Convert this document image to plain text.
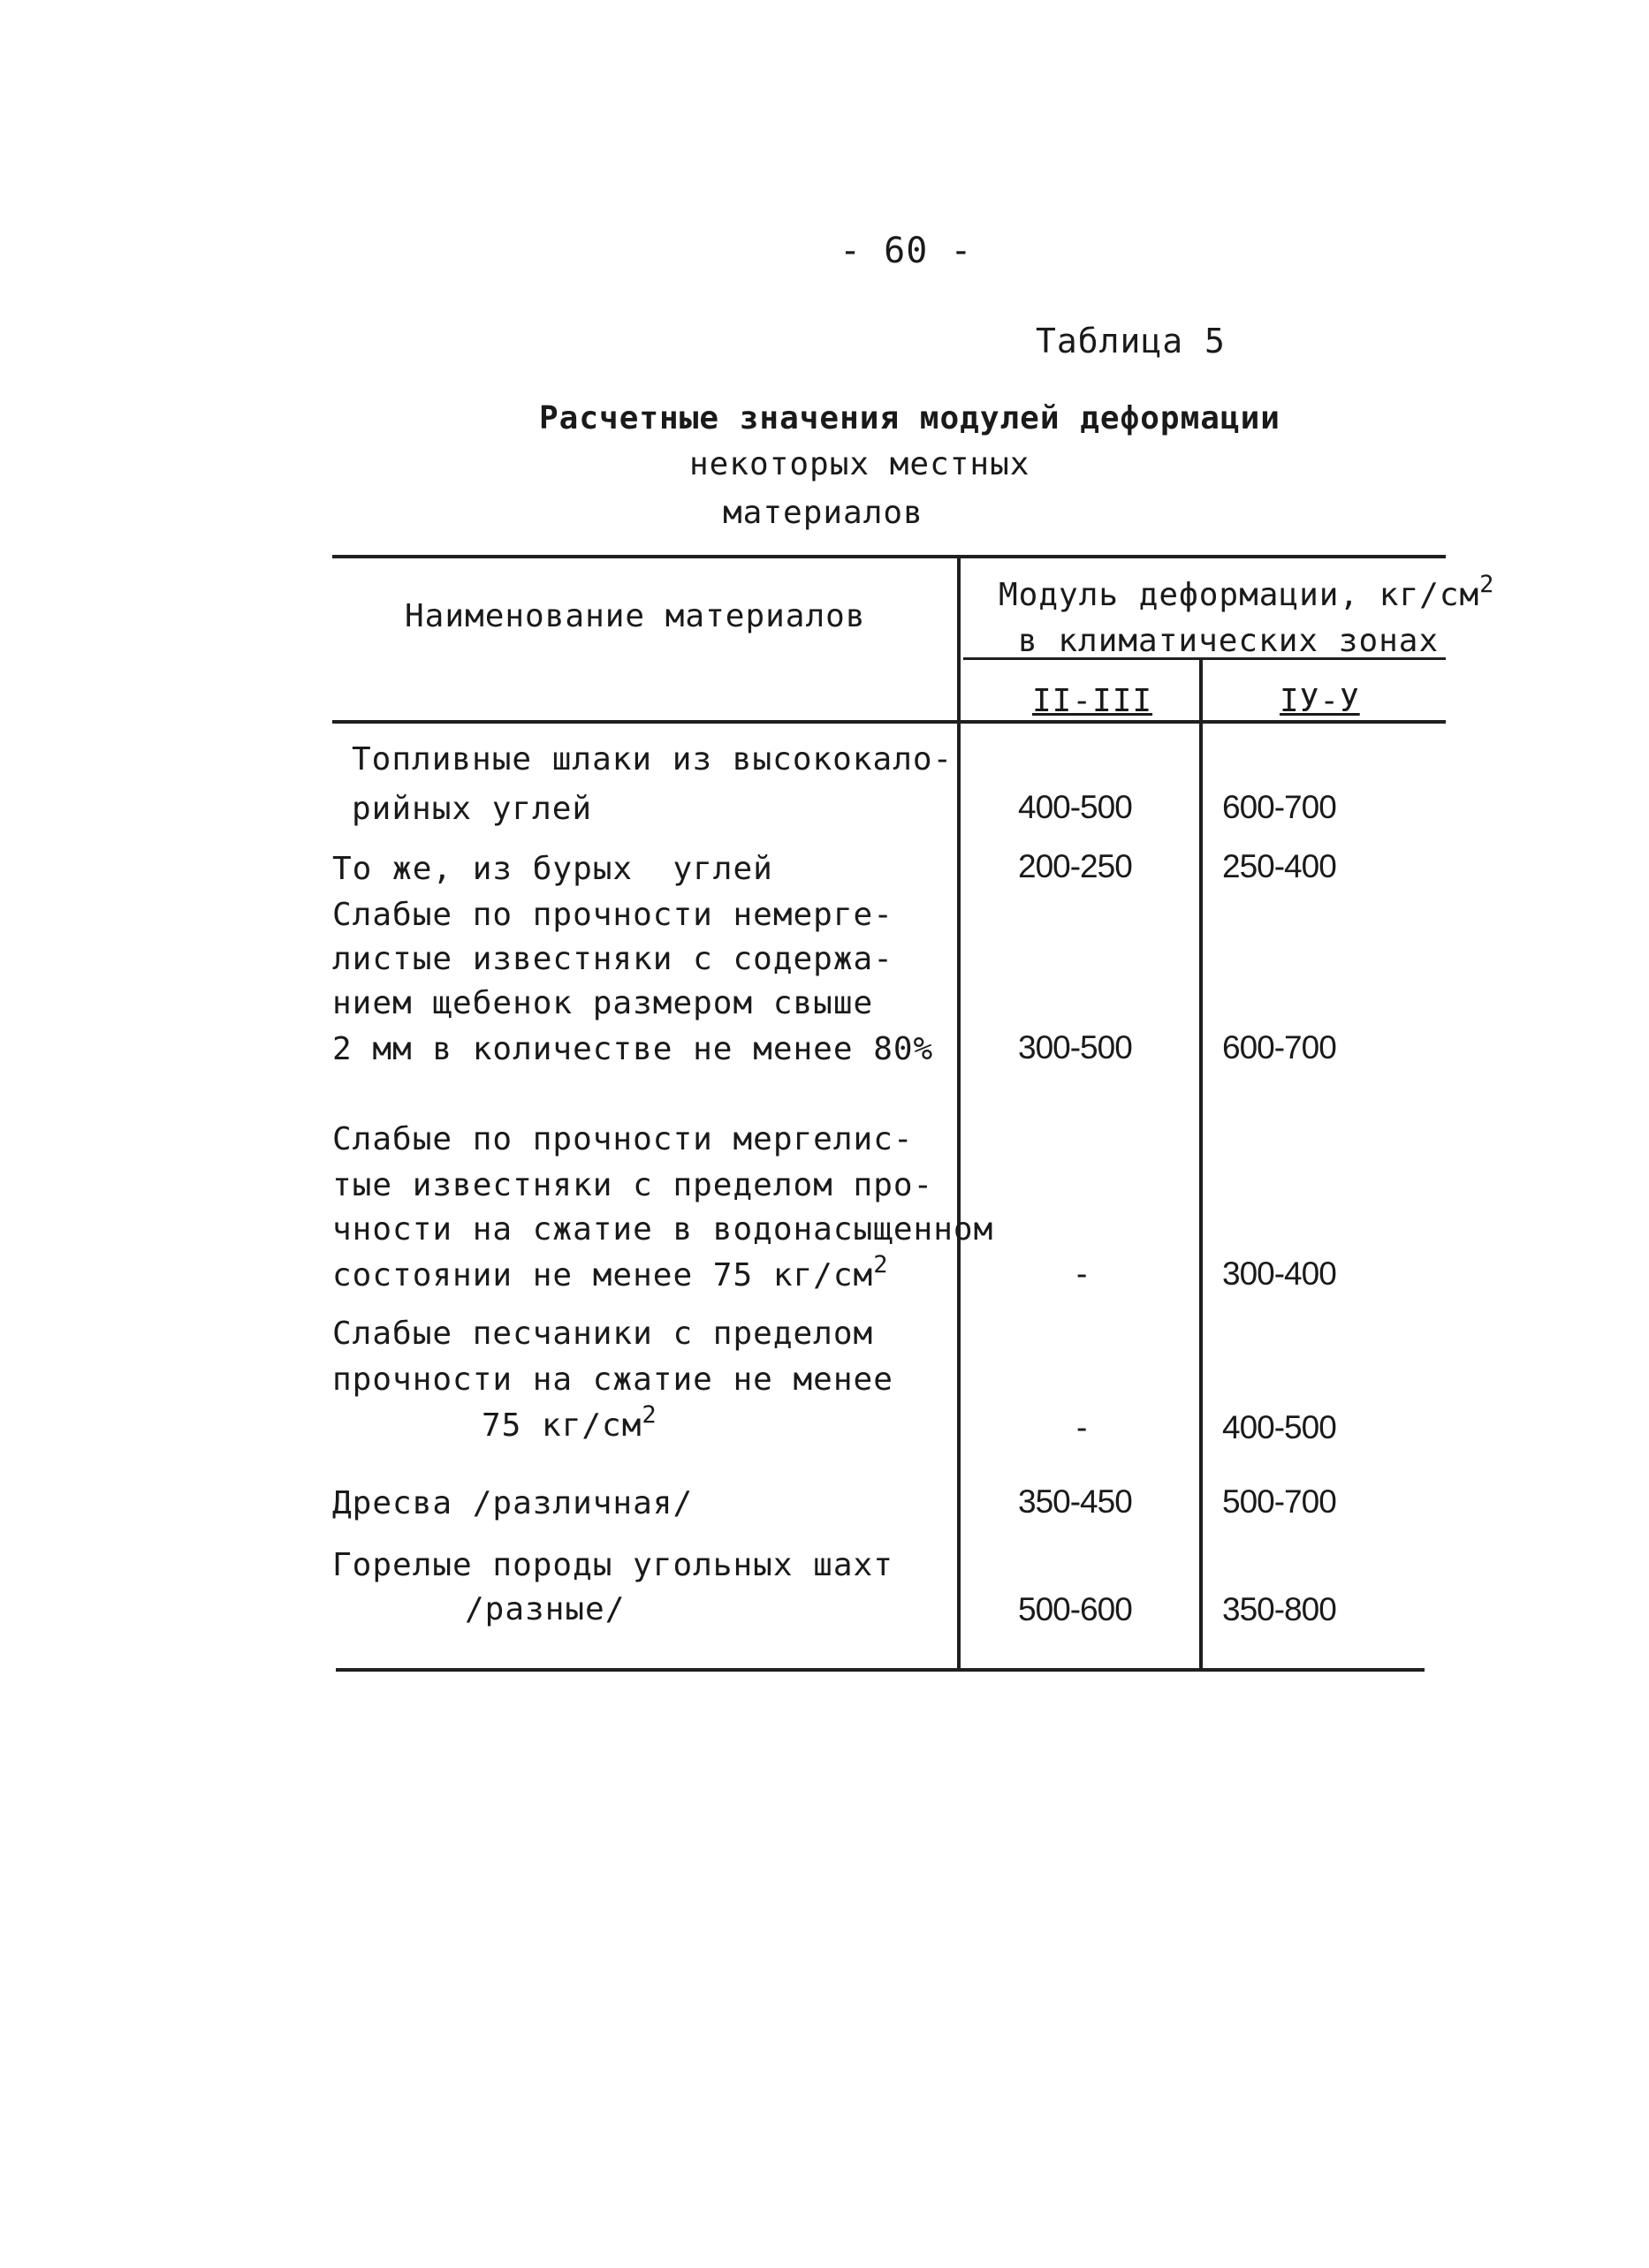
- 60 -
Таблица 5
Расчетные значения модулей деформации
некоторых местных
материалов
Наименование материалов
Модуль деформации, $кг/см^2$
в климатических зонах
II-III	IУ-У
Топливные шлаки из высококало-
рийных углей	400-500	600-700
То же, из бурых  углей	200-250	250-400
Слабые по прочности немерге-
листые известняки с содержа-
нием щебенок размером свыше
2 мм в количестве не менее 80%	300-500	600-700
Слабые по прочности мергелис-
тые известняки с пределом про-
чности на сжатие в водонасыщенном
состоянии не менее 75 $кг/см^2$	-	300-400
Слабые песчаники с пределом
прочности на сжатие не менее
75 $кг/см^2$	-	400-500
Дресва /различная/	350-450	500-700
Горелые породы угольных шахт
/разные/	500-600	350-800
